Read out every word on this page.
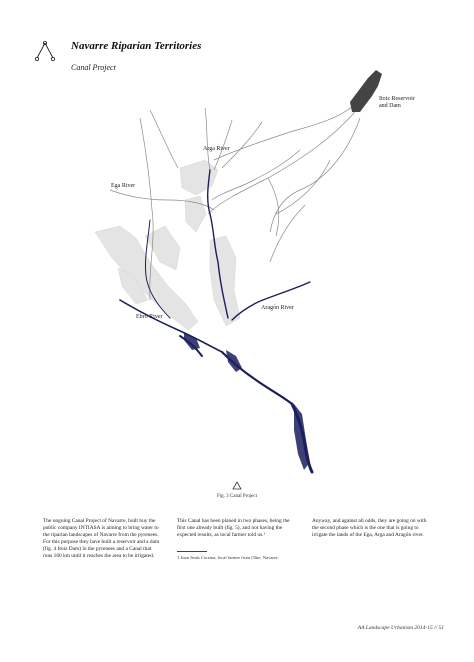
Navarre Riparian Territories
Canal Project
Itoiz Reservoir
and Dam
Arga River
Ega River
Aragón River
Ebro River
Fig. 3 Canal Project
The ongoing Canal Project of Navarre, built buy the public company INTIASA is aiming to bring water to the riparian landscapes of Navarre from the pyrenees. For this purpose they have built a reservoir and a dam (fig. 4 Itoiz Dam) in the pyrenees and a Canal that runs 160 km until it reaches the area to be irrigated.
This Canal has been planed in two phases, being the first one already built (fig. 5), and not having the expected results, as local farmer told us.¹
Anyway, and against all odds, they are going on with the second phase which is the one that is going to irrigate the lands of the Ega, Arga and Aragón river.
1 Juan Jesús Corzina, local farmer from Olite, Navarre.
AA Landscape Urbanism 2014-15 // 51
